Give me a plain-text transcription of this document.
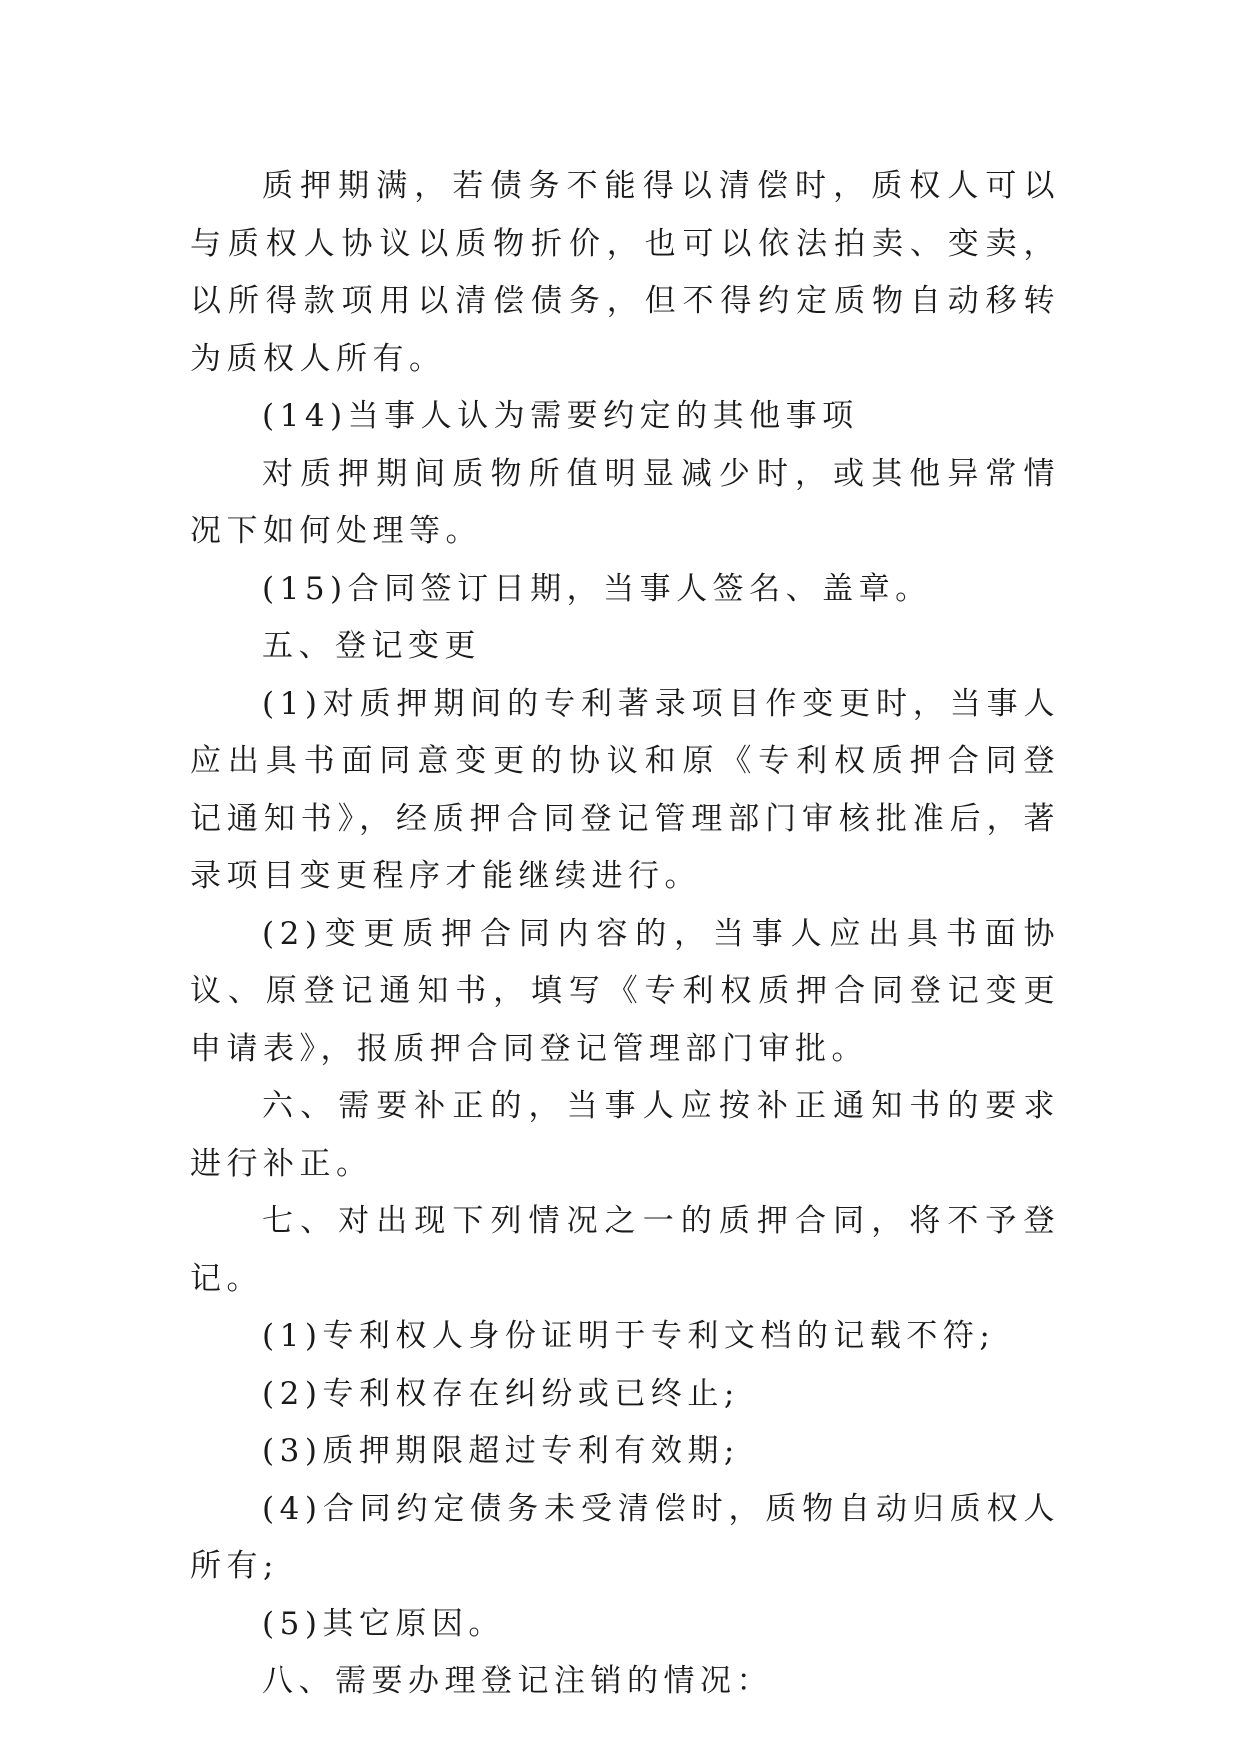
质押期满，若债务不能得以清偿时，质权人可以与质权人协议以质物折价，也可以依法拍卖、变卖，以所得款项用以清偿债务，但不得约定质物自动移转为质权人所有。

(14)当事人认为需要约定的其他事项

对质押期间质物所值明显减少时，或其他异常情况下如何处理等。

(15)合同签订日期，当事人签名、盖章。

五、登记变更

(1)对质押期间的专利著录项目作变更时，当事人应出具书面同意变更的协议和原《专利权质押合同登记通知书》，经质押合同登记管理部门审核批准后，著录项目变更程序才能继续进行。

(2)变更质押合同内容的，当事人应出具书面协议、原登记通知书，填写《专利权质押合同登记变更申请表》，报质押合同登记管理部门审批。

六、需要补正的，当事人应按补正通知书的要求进行补正。

七、对出现下列情况之一的质押合同，将不予登记。

(1)专利权人身份证明于专利文档的记载不符;

(2)专利权存在纠纷或已终止;

(3)质押期限超过专利有效期;

(4)合同约定债务未受清偿时，质物自动归质权人所有;

(5)其它原因。

八、需要办理登记注销的情况：
